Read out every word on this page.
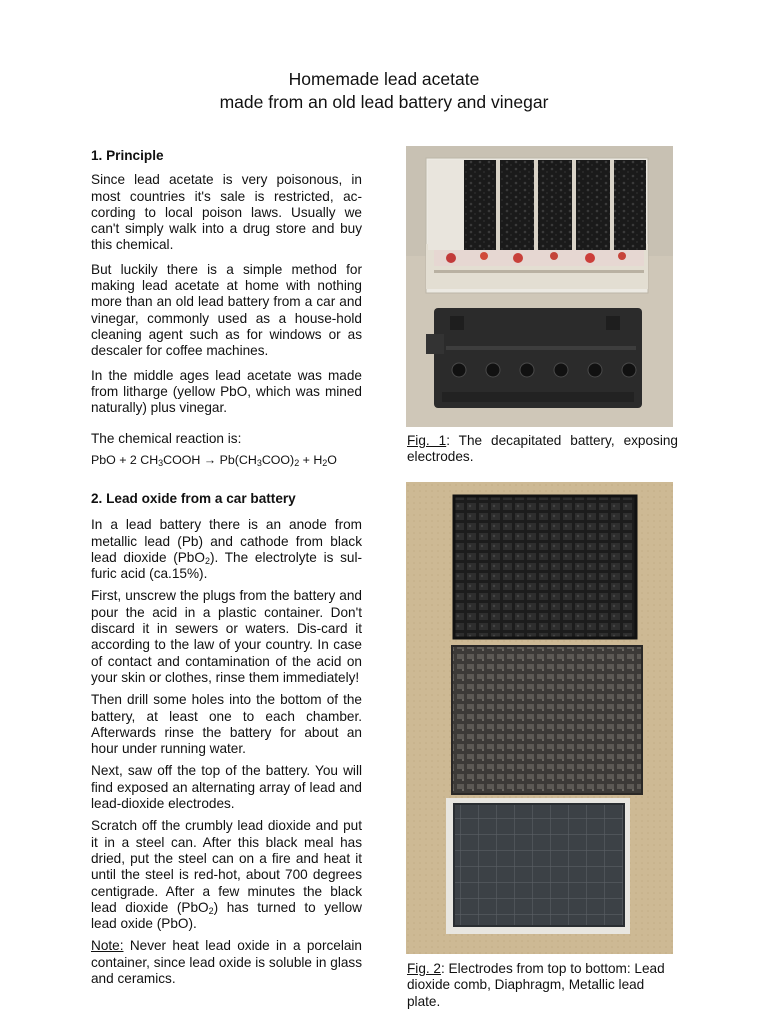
Homemade lead acetate
made from an old lead battery and vinegar

1. Principle

Since lead acetate is very poisonous, in most countries it's sale is restricted, ac-cording to local poison laws. Usually we can't simply walk into a drug store and buy this chemical.

But luckily there is a simple method for making lead acetate at home with nothing more than an old lead battery from a car and vinegar, commonly used as a house-hold cleaning agent such as for windows or as descaler for coffee machines.

In the middle ages lead acetate was made from litharge (yellow PbO, which was mined naturally) plus vinegar.

The chemical reaction is:

PbO + 2 $CH_3COOH \to Pb(CH_3COO)_2 + H_2O$

2. Lead oxide from a car battery

In a lead battery there is an anode from metallic lead (Pb) and cathode from black lead dioxide (PbO$_2$). The electrolyte is sul-furic acid (ca.15%).

First, unscrew the plugs from the battery and pour the acid in a plastic container. Don't discard it in sewers or waters. Dis-card it according to the law of your country. In case of contact and contamination of the acid on your skin or clothes, rinse them immediately!

Then drill some holes into the bottom of the battery, at least one to each chamber. Afterwards rinse the battery for about an hour under running water.

Next, saw off the top of the battery. You will find exposed an alternating array of lead and lead-dioxide electrodes.

Scratch off the crumbly lead dioxide and put it in a steel can. After this black meal has dried, put the steel can on a fire and heat it until the steel is red-hot, about 700 degrees centigrade. After a few minutes the black lead dioxide (PbO$_2$) has turned to yellow lead oxide (PbO).

Note: Never heat lead oxide in a porcelain container, since lead oxide is soluble in glass and ceramics.

Fig. 1: The decapitated battery, exposing electrodes.
Fig. 2: Electrodes from top to bottom: Lead dioxide comb, Diaphragm, Metallic lead plate.
